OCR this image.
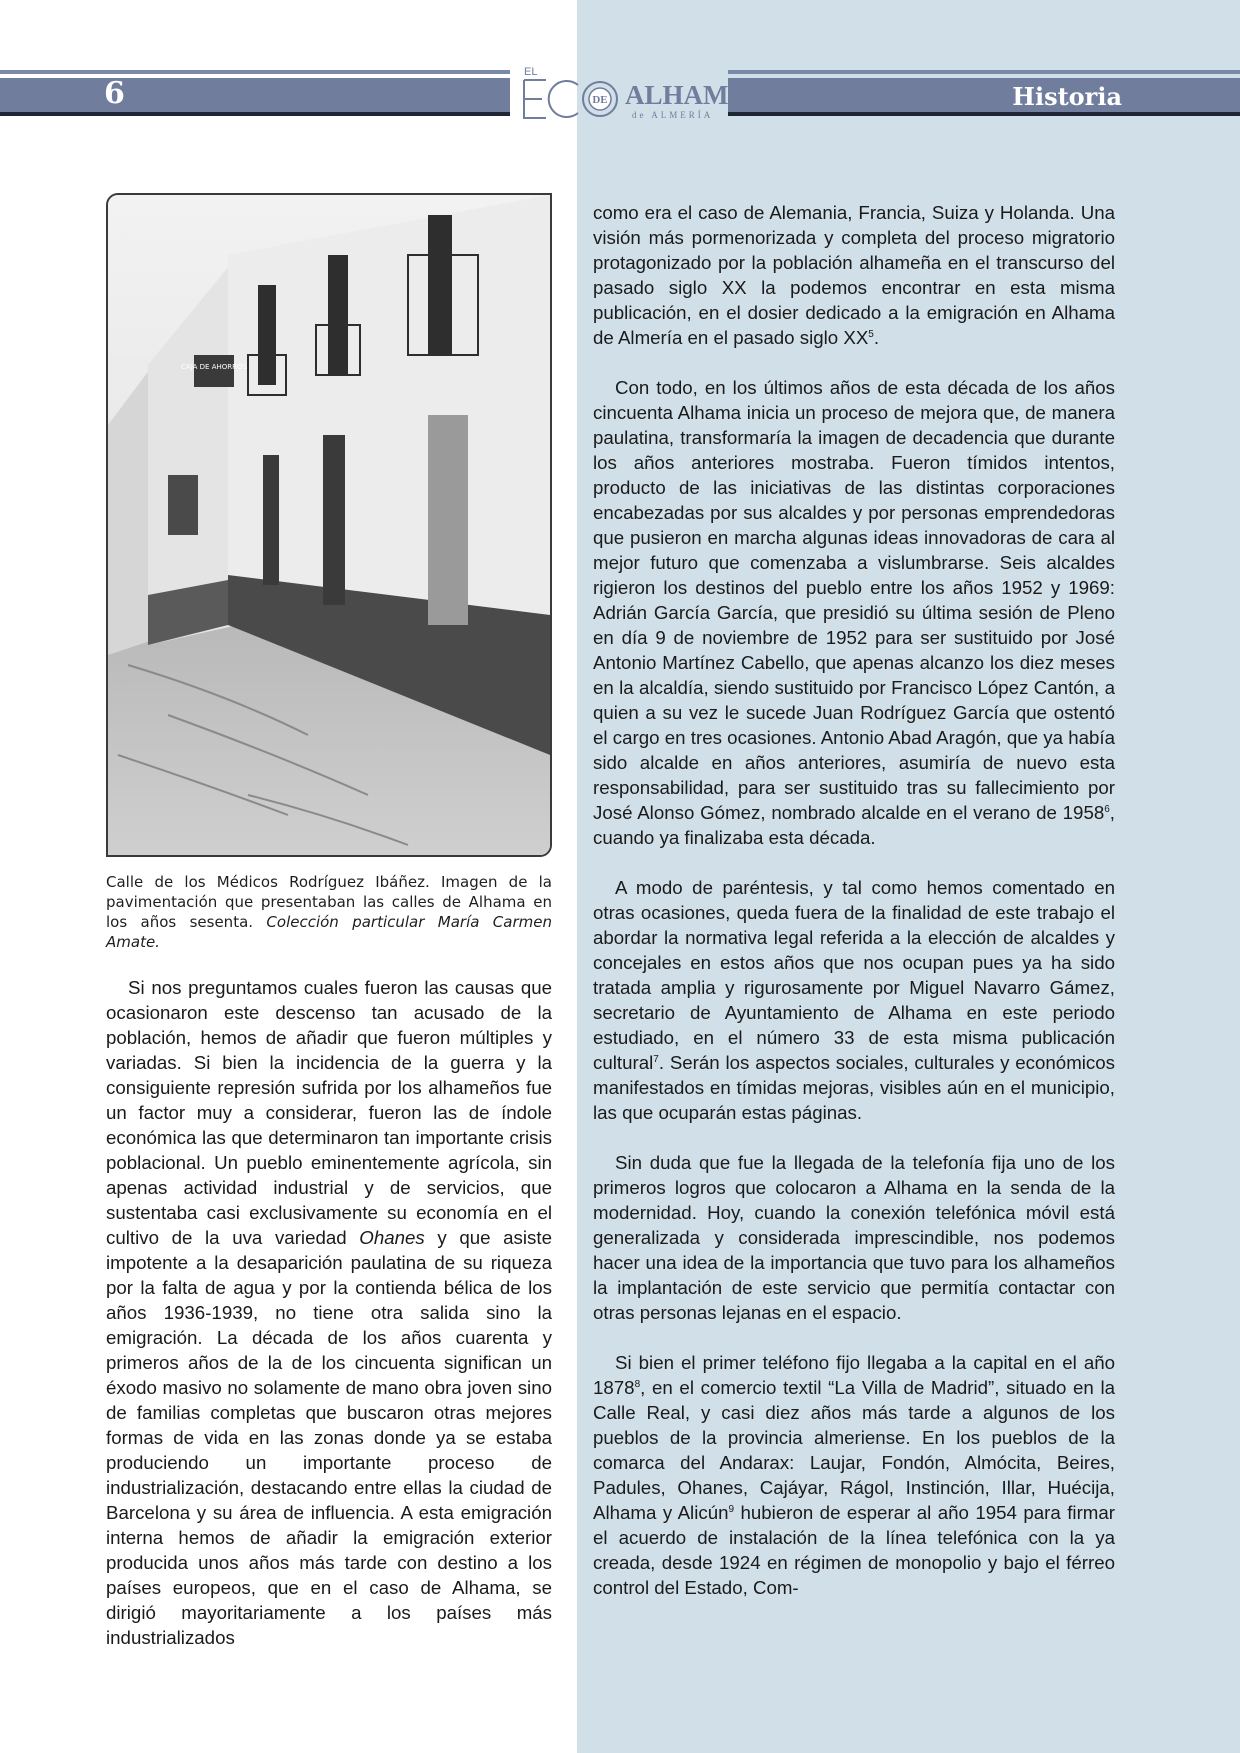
6	Historia
EL
DE ALHAMA
de ALMERÍA
CAJA DE AHORROS
Calle de los Médicos Rodríguez Ibáñez. Imagen de la pavimentación que presentaban las calles de Alhama en los años sesenta. Colección particular María Carmen Amate.

Si nos preguntamos cuales fueron las causas que ocasionaron este descenso tan acusado de la población, hemos de añadir que fueron múltiples y variadas. Si bien la incidencia de la guerra y la consiguiente represión sufrida por los alhameños fue un factor muy a considerar, fueron las de índole económica las que determinaron tan importante crisis poblacional. Un pueblo eminentemente agrícola, sin apenas actividad industrial y de servicios, que sustentaba casi exclusivamente su economía en el cultivo de la uva variedad Ohanes y que asiste impotente a la desaparición paulatina de su riqueza por la falta de agua y por la contienda bélica de los años 1936-1939, no tiene otra salida sino la emigración. La década de los años cuarenta y primeros años de la de los cincuenta significan un éxodo masivo no solamente de mano obra joven sino de familias completas que buscaron otras mejores formas de vida en las zonas donde ya se estaba produciendo un importante proceso de industrialización, destacando entre ellas la ciudad de Barcelona y su área de influencia. A esta emigración interna hemos de añadir la emigración exterior producida unos años más tarde con destino a los países europeos, que en el caso de Alhama, se dirigió mayoritariamente a los países más industrializados

como era el caso de Alemania, Francia, Suiza y Holanda. Una visión más pormenorizada y completa del proceso migratorio protagonizado por la población alhameña en el transcurso del pasado siglo XX la podemos encontrar en esta misma publicación, en el dosier dedicado a la emigración en Alhama de Almería en el pasado siglo $XX^5$.

Con todo, en los últimos años de esta década de los años cincuenta Alhama inicia un proceso de mejora que, de manera paulatina, transformaría la imagen de decadencia que durante los años anteriores mostraba. Fueron tímidos intentos, producto de las iniciativas de las distintas corporaciones encabezadas por sus alcaldes y por personas emprendedoras que pusieron en marcha algunas ideas innovadoras de cara al mejor futuro que comenzaba a vislumbrarse. Seis alcaldes rigieron los destinos del pueblo entre los años 1952 y 1969: Adrián García García, que presidió su última sesión de Pleno en día 9 de noviembre de 1952 para ser sustituido por José Antonio Martínez Cabello, que apenas alcanzo los diez meses en la alcaldía, siendo sustituido por Francisco López Cantón, a quien a su vez le sucede Juan Rodríguez García que ostentó el cargo en tres ocasiones. Antonio Abad Aragón, que ya había sido alcalde en años anteriores, asumiría de nuevo esta responsabilidad, para ser sustituido tras su fallecimiento por José Alonso Gómez, nombrado alcalde en el verano de 1958$^6$, cuando ya finalizaba esta década.

A modo de paréntesis, y tal como hemos comentado en otras ocasiones, queda fuera de la finalidad de este trabajo el abordar la normativa legal referida a la elección de alcaldes y concejales en estos años que nos ocupan pues ya ha sido tratada amplia y rigurosamente por Miguel Navarro Gámez, secretario de Ayuntamiento de Alhama en este periodo estudiado, en el número 33 de esta misma publicación cultural$^7$. Serán los aspectos sociales, culturales y económicos manifestados en tímidas mejoras, visibles aún en el municipio, las que ocuparán estas páginas.

Sin duda que fue la llegada de la telefonía fija uno de los primeros logros que colocaron a Alhama en la senda de la modernidad. Hoy, cuando la conexión telefónica móvil está generalizada y considerada imprescindible, nos podemos hacer una idea de la importancia que tuvo para los alhameños la implantación de este servicio que permitía contactar con otras personas lejanas en el espacio.

Si bien el primer teléfono fijo llegaba a la capital en el año 1878$^8$, en el comercio textil “La Villa de Madrid”, situado en la Calle Real, y casi diez años más tarde a algunos de los pueblos de la provincia almeriense. En los pueblos de la comarca del Andarax: Laujar, Fondón, Almócita, Beires, Padules, Ohanes, Cajáyar, Rágol, Instinción, Illar, Huécija, Alhama y Alicún$^9$ hubieron de esperar al año 1954 para firmar el acuerdo de instalación de la línea telefónica con la ya creada, desde 1924 en régimen de monopolio y bajo el férreo control del Estado, Com-
